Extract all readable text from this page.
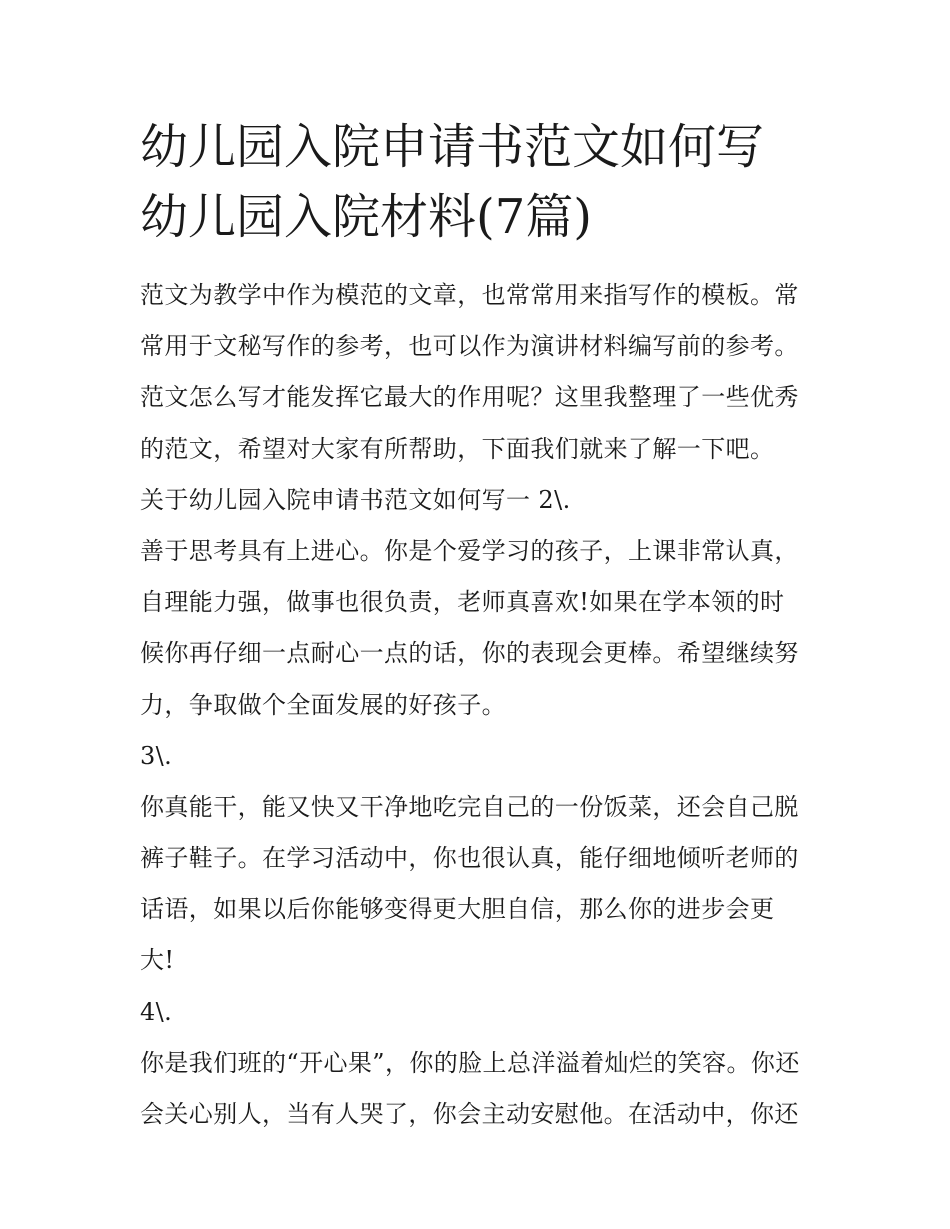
幼儿园入院申请书范文如何写
幼儿园入院材料(7篇)
范文为教学中作为模范的文章，也常常用来指写作的模板。常
常用于文秘写作的参考，也可以作为演讲材料编写前的参考。
范文怎么写才能发挥它最大的作用呢？这里我整理了一些优秀
的范文，希望对大家有所帮助，下面我们就来了解一下吧。
关于幼儿园入院申请书范文如何写一 2\.
善于思考具有上进心。你是个爱学习的孩子，上课非常认真，
自理能力强，做事也很负责，老师真喜欢!如果在学本领的时
候你再仔细一点耐心一点的话，你的表现会更棒。希望继续努
力，争取做个全面发展的好孩子。
3\.
你真能干，能又快又干净地吃完自己的一份饭菜，还会自己脱
裤子鞋子。在学习活动中，你也很认真，能仔细地倾听老师的
话语，如果以后你能够变得更大胆自信，那么你的进步会更
大!
4\.
你是我们班的“开心果”，你的脸上总洋溢着灿烂的笑容。你还
会关心别人，当有人哭了，你会主动安慰他。在活动中，你还
